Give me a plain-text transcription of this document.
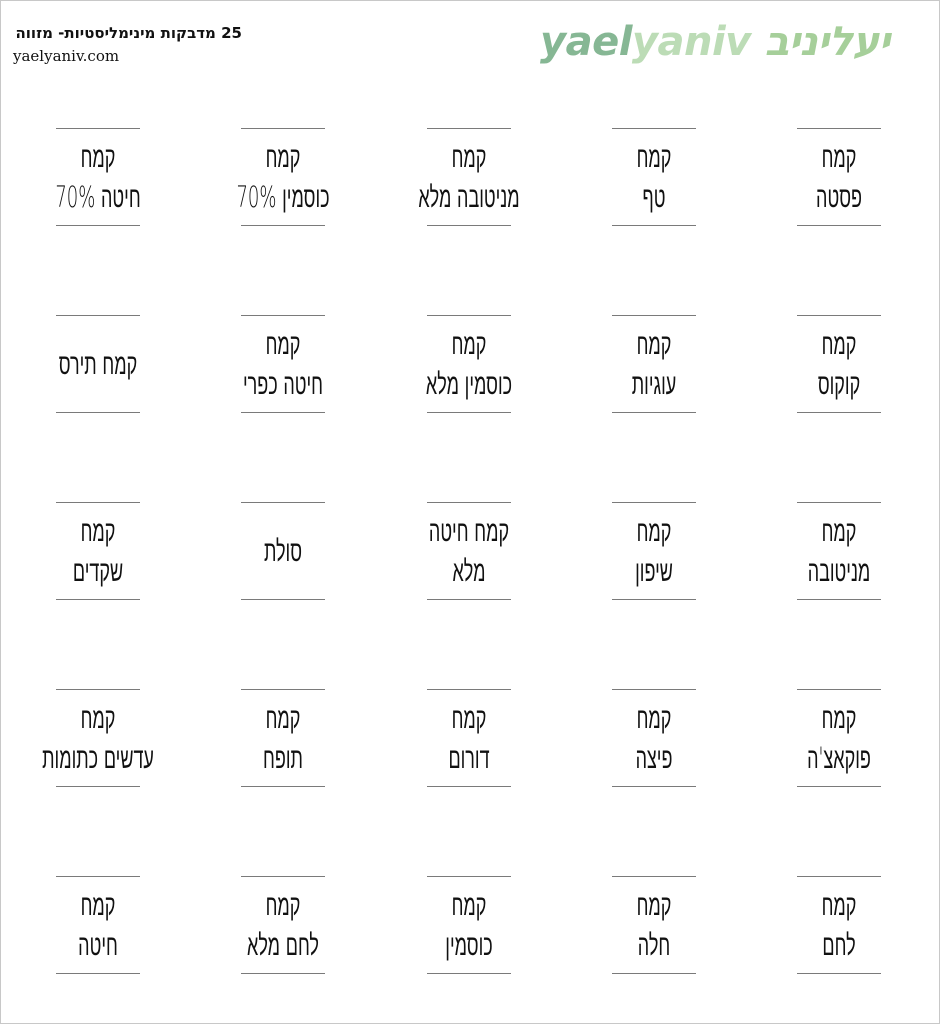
25 מדבקות מינימליסטיות- מזווה
yaelyaniv.com	yael yaniv יעליניב
קמח
פסטה
קמח
טף
קמח
מניטובה מלא
קמח
כוסמין 70%
קמח
חיטה 70%
קמח
קוקוס
קמח
עוגיות
קמח
כוסמין מלא
קמח
חיטה כפרי
קמח תירס
קמח
מניטובה
קמח
שיפון
קמח חיטה
מלא
סולת
קמח
שקדים
קמח
פוקאצ'ה
קמח
פיצה
קמח
דורום
קמח
תופח
קמח
עדשים כתומות
קמח
לחם
קמח
חלה
קמח
כוסמין
קמח
לחם מלא
קמח
חיטה
